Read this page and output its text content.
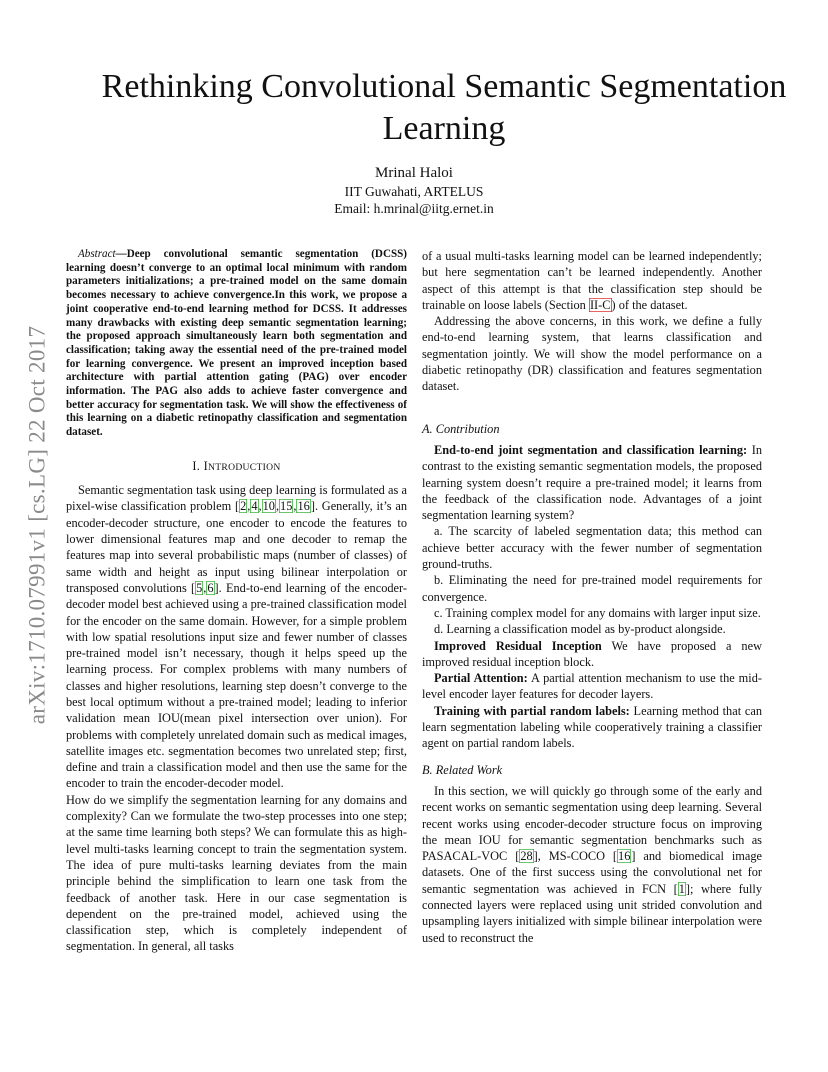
arXiv:1710.07991v1 [cs.LG] 22 Oct 2017
Rethinking Convolutional Semantic Segmentation Learning
Mrinal Haloi
IIT Guwahati, ARTELUS
Email: h.mrinal@iitg.ernet.in

Abstract—Deep convolutional semantic segmentation (DCSS) learning doesn’t converge to an optimal local minimum with random parameters initializations; a pre-trained model on the same domain becomes necessary to achieve convergence.In this work, we propose a joint cooperative end-to-end learning method for DCSS. It addresses many drawbacks with existing deep semantic segmentation learning; the proposed approach simultaneously learn both segmentation and classification; taking away the essential need of the pre-trained model for learning convergence. We present an improved inception based architecture with partial attention gating (PAG) over encoder information. The PAG also adds to achieve faster convergence and better accuracy for segmentation task. We will show the effectiveness of this learning on a diabetic retinopathy classification and segmentation dataset.

I. INTRODUCTION

Semantic segmentation task using deep learning is formulated as a pixel-wise classification problem [2,4,10,15,16]. Generally, it’s an encoder-decoder structure, one encoder to encode the features to lower dimensional features map and one decoder to remap the features map into several probabilistic maps (number of classes) of same width and height as input using bilinear interpolation or transposed convolutions [5,6]. End-to-end learning of the encoder-decoder model best achieved using a pre-trained classification model for the encoder on the same domain. However, for a simple problem with low spatial resolutions input size and fewer number of classes pre-trained model isn’t necessary, though it helps speed up the learning process. For complex problems with many numbers of classes and higher resolutions, learning step doesn’t converge to the best local optimum without a pre-trained model; leading to inferior validation mean IOU(mean pixel intersection over union). For problems with completely unrelated domain such as medical images, satellite images etc. segmentation becomes two unrelated step; first, define and train a classification model and then use the same for the encoder to train the encoder-decoder model.

How do we simplify the segmentation learning for any domains and complexity? Can we formulate the two-step processes into one step; at the same time learning both steps? We can formulate this as high-level multi-tasks learning concept to train the segmentation system. The idea of pure multi-tasks learning deviates from the main principle behind the simplification to learn one task from the feedback of another task. Here in our case segmentation is dependent on the pre-trained model, achieved using the classification step, which is completely independent of segmentation. In general, all tasks

of a usual multi-tasks learning model can be learned independently; but here segmentation can’t be learned independently. Another aspect of this attempt is that the classification step should be trainable on loose labels (Section II-C) of the dataset.

Addressing the above concerns, in this work, we define a fully end-to-end learning system, that learns classification and segmentation jointly. We will show the model performance on a diabetic retinopathy (DR) classification and features segmentation dataset.

A. Contribution

End-to-end joint segmentation and classification learning: In contrast to the existing semantic segmentation models, the proposed learning system doesn’t require a pre-trained model; it learns from the feedback of the classification node. Advantages of a joint segmentation learning system?

a. The scarcity of labeled segmentation data; this method can achieve better accuracy with the fewer number of segmentation ground-truths.

b. Eliminating the need for pre-trained model requirements for convergence.

c. Training complex model for any domains with larger input size.

d. Learning a classification model as by-product alongside.

Improved Residual Inception We have proposed a new improved residual inception block.

Partial Attention: A partial attention mechanism to use the mid-level encoder layer features for decoder layers.

Training with partial random labels: Learning method that can learn segmentation labeling while cooperatively training a classifier agent on partial random labels.

B. Related Work

In this section, we will quickly go through some of the early and recent works on semantic segmentation using deep learning. Several recent works using encoder-decoder structure focus on improving the mean IOU for semantic segmentation benchmarks such as PASACAL-VOC [28], MS-COCO [16] and biomedical image datasets. One of the first success using the convolutional net for semantic segmentation was achieved in FCN [1]; where fully connected layers were replaced using unit strided convolution and upsampling layers initialized with simple bilinear interpolation were used to reconstruct the
